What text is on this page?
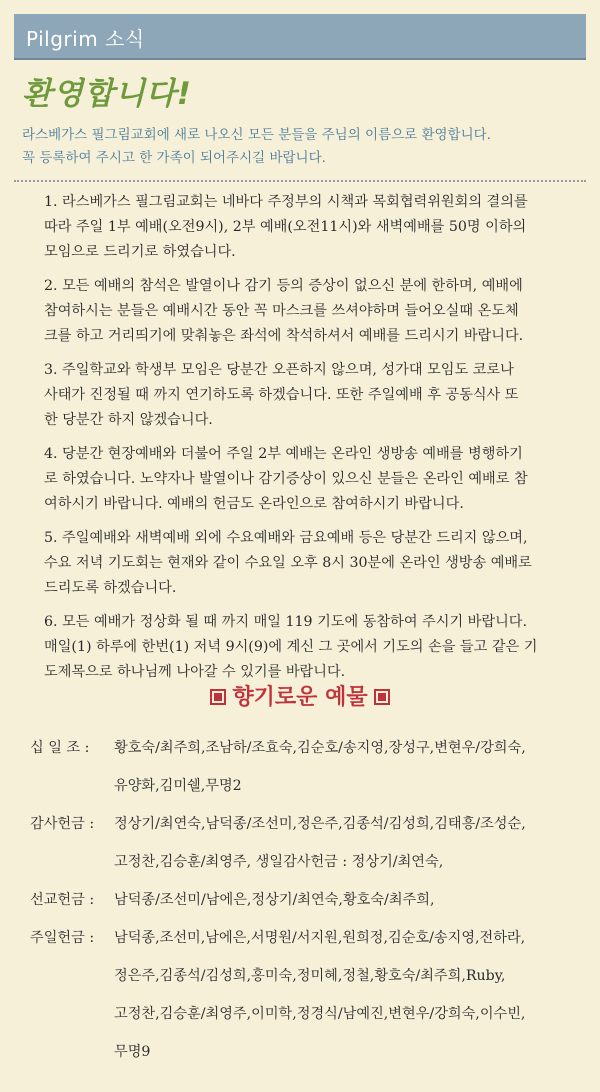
Pilgrim 소식
환영합니다!
라스베가스 필그림교회에 새로 나오신 모든 분들을 주님의 이름으로 환영합니다.
꼭 등록하여 주시고 한 가족이 되어주시길 바랍니다.

1. 라스베가스 필그림교회는 네바다 주정부의 시책과 목회협력위원회의 결의를

따라 주일 1부 예배(오전9시), 2부 예배(오전11시)와 새벽예배를 50명 이하의

모임으로 드리기로 하였습니다.

2. 모든 예배의 참석은 발열이나 감기 등의 증상이 없으신 분에 한하며, 예배에

참여하시는 분들은 예배시간 동안 꼭 마스크를 쓰셔야하며 들어오실때 온도체

크를 하고 거리띄기에 맞춰놓은 좌석에 착석하셔서 예배를 드리시기 바랍니다.

3. 주일학교와 학생부 모임은 당분간 오픈하지 않으며, 성가대 모임도 코로나

사태가 진정될 때 까지 연기하도록 하겠습니다. 또한 주일예배 후 공동식사 또

한 당분간 하지 않겠습니다.

4. 당분간 현장예배와 더불어 주일 2부 예배는 온라인 생방송 예배를 병행하기

로 하였습니다. 노약자나 발열이나 감기증상이 있으신 분들은 온라인 예배로 참

여하시기 바랍니다. 예배의 헌금도 온라인으로 참여하시기 바랍니다.

5. 주일예배와 새벽예배 외에 수요예배와 금요예배 등은 당분간 드리지 않으며,

수요 저녁 기도회는 현재와 같이 수요일 오후 8시 30분에 온라인 생방송 예배로

드리도록 하겠습니다.

6. 모든 예배가 정상화 될 때 까지 매일 119 기도에 동참하여 주시기 바랍니다.

매일(1) 하루에 한번(1) 저녁 9시(9)에 계신 그 곳에서 기도의 손을 들고 같은 기

도제목으로 하나님께 나아갈 수 있기를 바랍니다.

향기로운 예물
십 일 조 :	황호숙/최주희,조남하/조효숙,김순호/송지영,장성구,변현우/강희숙,
유양화,김미쉘,무명2
감사헌금 :	정상기/최연숙,남덕종/조선미,정은주,김종석/김성희,김태흥/조성순,
고정찬,김승훈/최영주, 생일감사헌금 : 정상기/최연숙,
선교헌금 :	남덕종/조선미/남에은,정상기/최연숙,황호숙/최주희,
주일헌금 :	남덕종,조선미,남에은,서명원/서지원,원희정,김순호/송지영,전하라,
정은주,김종석/김성희,홍미숙,정미혜,정철,황호숙/최주희,Ruby,
고정찬,김승훈/최영주,이미학,정경식/남예진,변현우/강희숙,이수빈,
무명9
